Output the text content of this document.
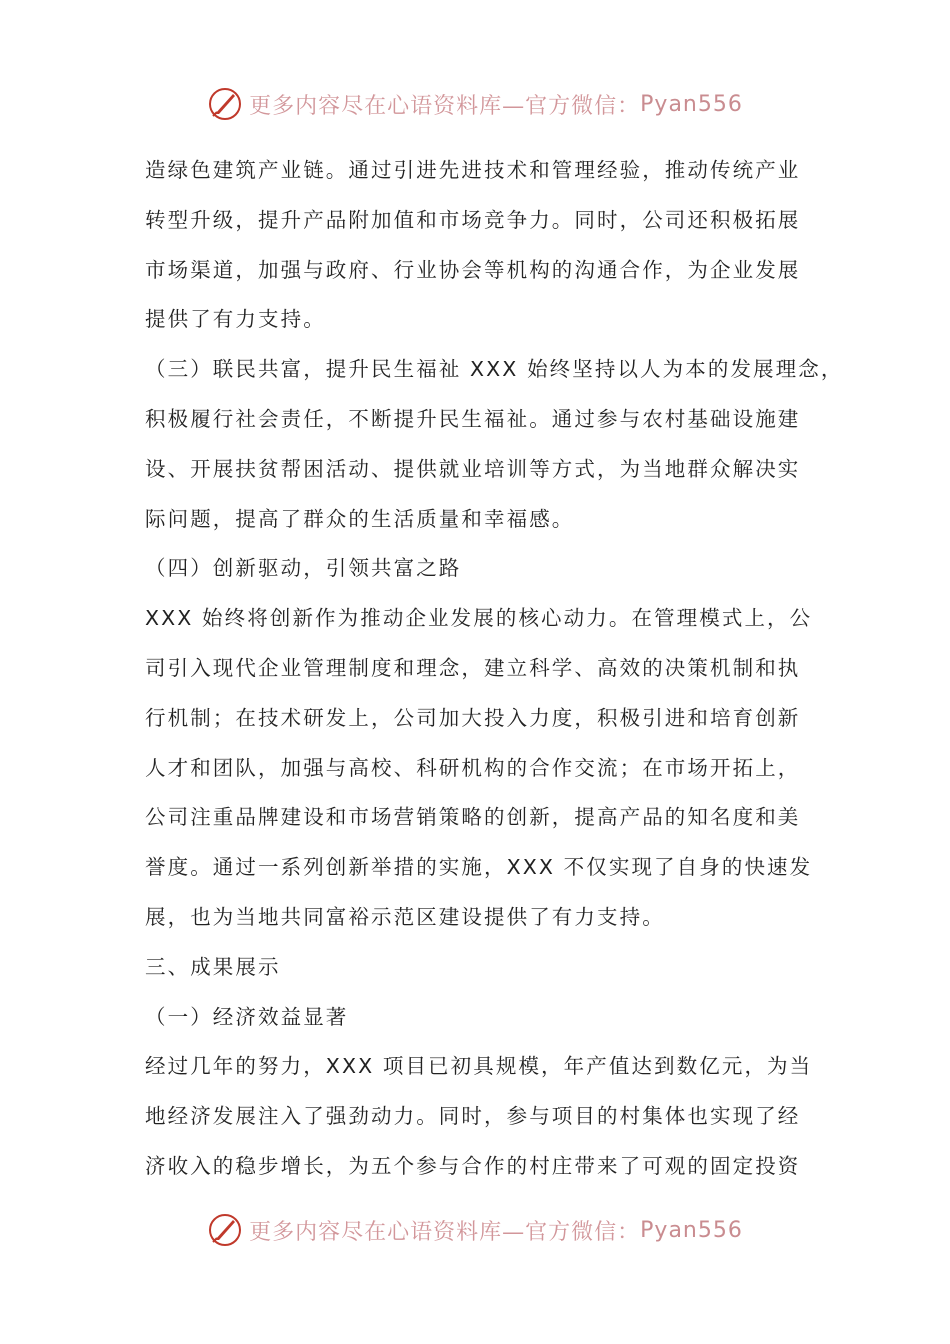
更多内容尽在心语资料库—官方微信： Pyan556
造绿色建筑产业链。通过引进先进技术和管理经验，推动传统产业
转型升级，提升产品附加值和市场竞争力。同时，公司还积极拓展
市场渠道，加强与政府、行业协会等机构的沟通合作，为企业发展
提供了有力支持。
（三）联民共富，提升民生福祉 XXX 始终坚持以人为本的发展理念，
积极履行社会责任，不断提升民生福祉。通过参与农村基础设施建
设、开展扶贫帮困活动、提供就业培训等方式，为当地群众解决实
际问题，提高了群众的生活质量和幸福感。
（四）创新驱动，引领共富之路
XXX 始终将创新作为推动企业发展的核心动力。在管理模式上，公
司引入现代企业管理制度和理念，建立科学、高效的决策机制和执
行机制；在技术研发上，公司加大投入力度，积极引进和培育创新
人才和团队，加强与高校、科研机构的合作交流；在市场开拓上，
公司注重品牌建设和市场营销策略的创新，提高产品的知名度和美
誉度。通过一系列创新举措的实施，XXX 不仅实现了自身的快速发
展，也为当地共同富裕示范区建设提供了有力支持。
三、成果展示
（一）经济效益显著
经过几年的努力，XXX 项目已初具规模，年产值达到数亿元，为当
地经济发展注入了强劲动力。同时，参与项目的村集体也实现了经
济收入的稳步增长，为五个参与合作的村庄带来了可观的固定投资
更多内容尽在心语资料库—官方微信： Pyan556
